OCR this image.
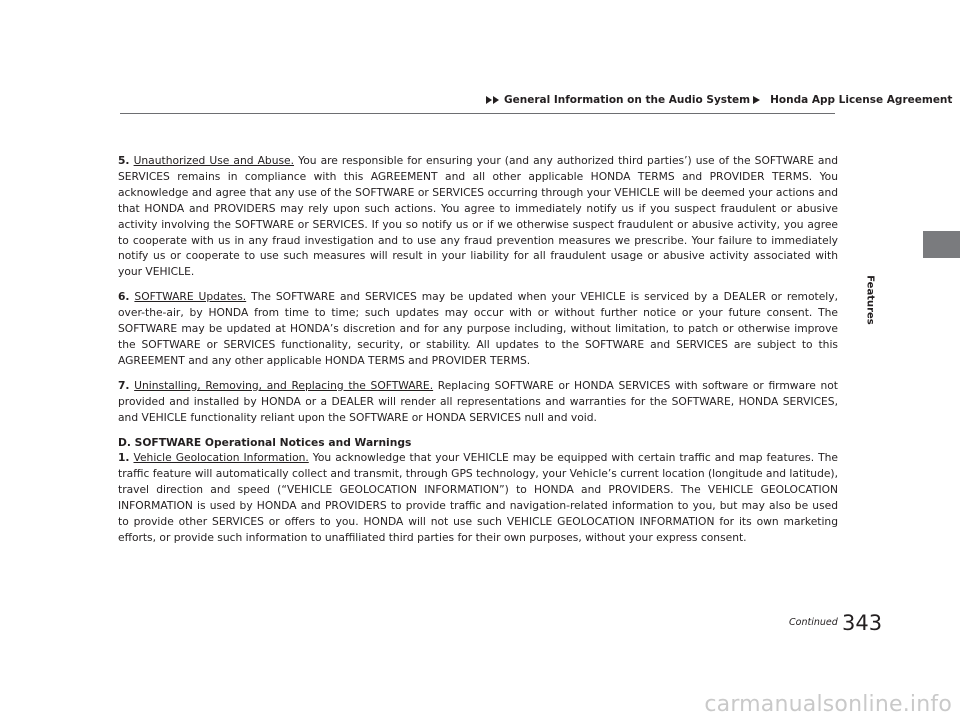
General Information on the Audio System Honda App License Agreement
Features

5. Unauthorized Use and Abuse. You are responsible for ensuring your (and any authorized third parties’) use of the SOFTWARE and SERVICES remains in compliance with this AGREEMENT and all other applicable HONDA TERMS and PROVIDER TERMS. You acknowledge and agree that any use of the SOFTWARE or SERVICES occurring through your VEHICLE will be deemed your actions and that HONDA and PROVIDERS may rely upon such actions. You agree to immediately notify us if you suspect fraudulent or abusive activity involving the SOFTWARE or SERVICES. If you so notify us or if we otherwise suspect fraudulent or abusive activity, you agree to cooperate with us in any fraud investigation and to use any fraud prevention measures we prescribe. Your failure to immediately notify us or cooperate to use such measures will result in your liability for all fraudulent usage or abusive activity associated with your VEHICLE.

6. SOFTWARE Updates. The SOFTWARE and SERVICES may be updated when your VEHICLE is serviced by a DEALER or remotely, over-the-air, by HONDA from time to time; such updates may occur with or without further notice or your future consent. The SOFTWARE may be updated at HONDA’s discretion and for any purpose including, without limitation, to patch or otherwise improve the SOFTWARE or SERVICES functionality, security, or stability. All updates to the SOFTWARE and SERVICES are subject to this AGREEMENT and any other applicable HONDA TERMS and PROVIDER TERMS.

7. Uninstalling, Removing, and Replacing the SOFTWARE. Replacing SOFTWARE or HONDA SERVICES with software or firmware not provided and installed by HONDA or a DEALER will render all representations and warranties for the SOFTWARE, HONDA SERVICES, and VEHICLE functionality reliant upon the SOFTWARE or HONDA SERVICES null and void.

D. SOFTWARE Operational Notices and Warnings

1. Vehicle Geolocation Information. You acknowledge that your VEHICLE may be equipped with certain traffic and map features. The traffic feature will automatically collect and transmit, through GPS technology, your Vehicle’s current location (longitude and latitude), travel direction and speed (“VEHICLE GEOLOCATION INFORMATION”) to HONDA and PROVIDERS. The VEHICLE GEOLOCATION INFORMATION is used by HONDA and PROVIDERS to provide traffic and navigation-related information to you, but may also be used to provide other SERVICES or offers to you. HONDA will not use such VEHICLE GEOLOCATION INFORMATION for its own marketing efforts, or provide such information to unaffiliated third parties for their own purposes, without your express consent.

Continued 343
carmanualsonline.info
